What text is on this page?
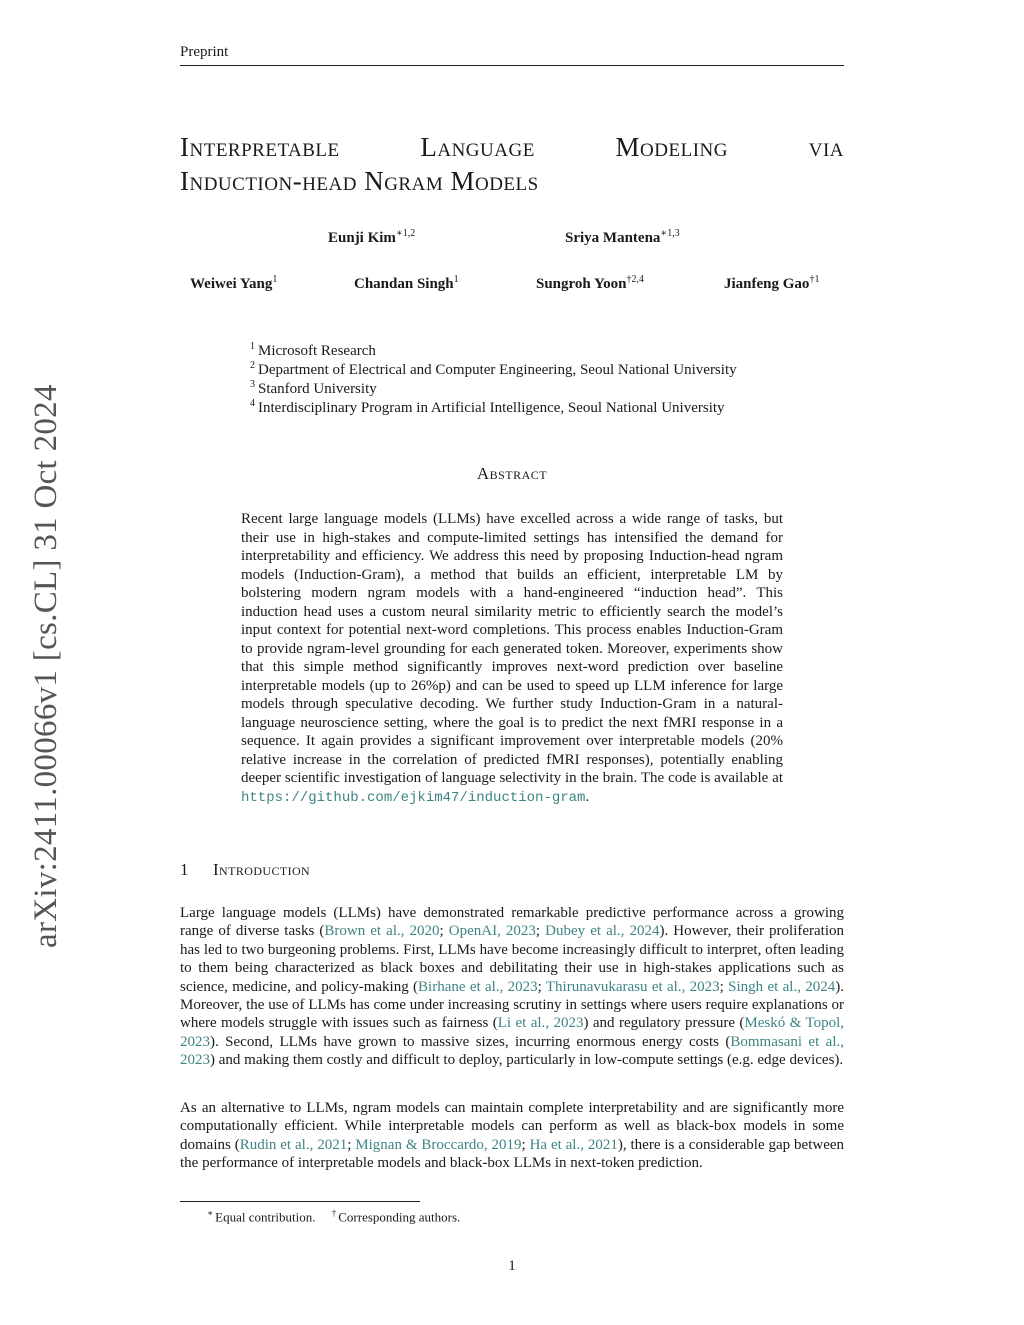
Preprint
arXiv:2411.00066v1 [cs.CL] 31 Oct 2024
Interpretable	Language	Modeling	via
Induction-head Ngram Models
Eunji Kim$^{∗1,2}$	Sriya Mantena$^{∗1,3}$
Weiwei Yang$^1$	Chandan Singh$^1$	Sungroh Yoon$^{\dagger 2,4}$	Jianfeng Gao$^{\dagger 1}$
$^1$ Microsoft Research
$^2$ Department of Electrical and Computer Engineering, Seoul National University
$^3$ Stanford University
$^4$ Interdisciplinary Program in Artificial Intelligence, Seoul National University
Abstract
Recent large language models (LLMs) have excelled across a wide range of tasks, but their use in high-stakes and compute-limited settings has intensified the demand for interpretability and efficiency. We address this need by proposing Induction-head ngram models (Induction-Gram), a method that builds an efficient, interpretable LM by bolstering modern ngram models with a hand-engineered “induction head”. This induction head uses a custom neural similarity metric to efficiently search the model’s input context for potential next-word completions. This process enables Induction-Gram to provide ngram-level grounding for each generated token. Moreover, experiments show that this simple method significantly improves next-word prediction over baseline interpretable models (up to 26%p) and can be used to speed up LLM inference for large models through speculative decoding. We further study Induction-Gram in a natural-language neuroscience setting, where the goal is to predict the next fMRI response in a sequence. It again provides a significant improvement over interpretable models (20% relative increase in the correlation of predicted fMRI responses), potentially enabling deeper scientific investigation of language selectivity in the brain. The code is available at https://github.com/ejkim47/induction-gram.
1 Introduction
Large language models (LLMs) have demonstrated remarkable predictive performance across a growing range of diverse tasks (Brown et al., 2020; OpenAI, 2023; Dubey et al., 2024). However, their proliferation has led to two burgeoning problems. First, LLMs have become increasingly difficult to interpret, often leading to them being characterized as black boxes and debilitating their use in high-stakes applications such as science, medicine, and policy-making (Birhane et al., 2023; Thirunavukarasu et al., 2023; Singh et al., 2024). Moreover, the use of LLMs has come under increasing scrutiny in settings where users require explanations or where models struggle with issues such as fairness (Li et al., 2023) and regulatory pressure (Meskó & Topol, 2023). Second, LLMs have grown to massive sizes, incurring enormous energy costs (Bommasani et al., 2023) and making them costly and difficult to deploy, particularly in low-compute settings (e.g. edge devices).
As an alternative to LLMs, ngram models can maintain complete interpretability and are significantly more computationally efficient. While interpretable models can perform as well as black-box models in some domains (Rudin et al., 2021; Mignan & Broccardo, 2019; Ha et al., 2021), there is a considerable gap between the performance of interpretable models and black-box LLMs in next-token prediction.
∗ Equal contribution. † Corresponding authors.
1
